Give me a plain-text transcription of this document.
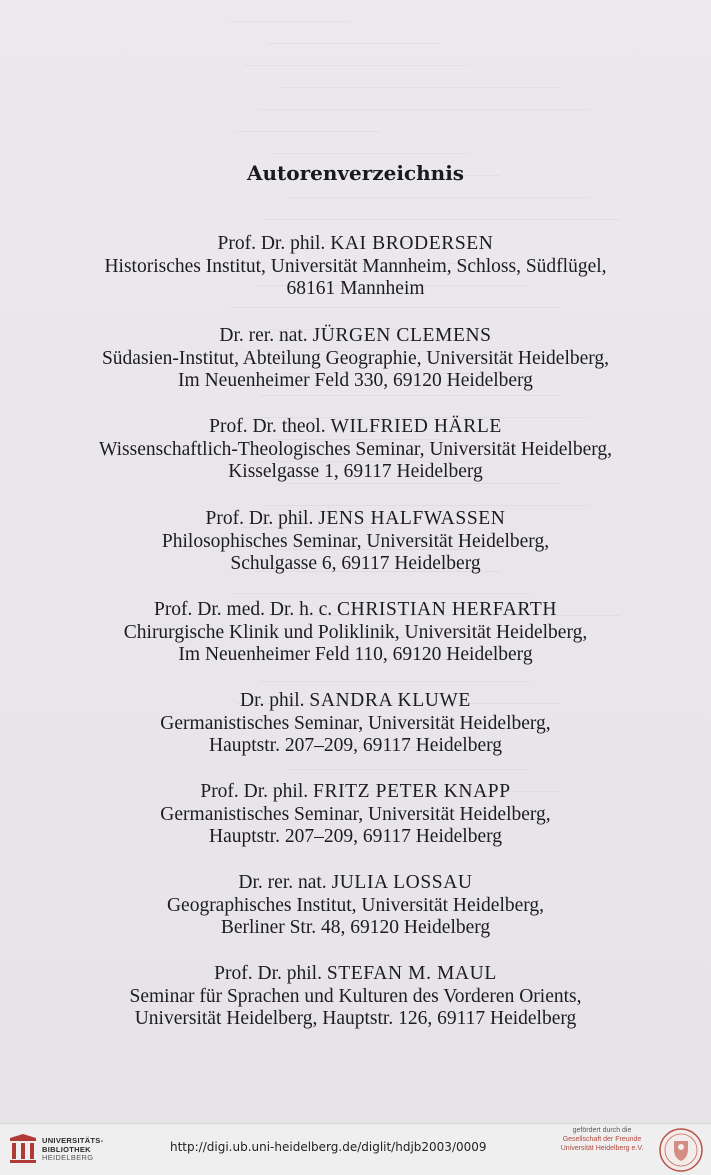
Autorenverzeichnis
Prof. Dr. phil. KAI BRODERSEN
Historisches Institut, Universität Mannheim, Schloss, Südflügel,
68161 Mannheim
Dr. rer. nat. JÜRGEN CLEMENS
Südasien-Institut, Abteilung Geographie, Universität Heidelberg,
Im Neuenheimer Feld 330, 69120 Heidelberg
Prof. Dr. theol. WILFRIED HÄRLE
Wissenschaftlich-Theologisches Seminar, Universität Heidelberg,
Kisselgasse 1, 69117 Heidelberg
Prof. Dr. phil. JENS HALFWASSEN
Philosophisches Seminar, Universität Heidelberg,
Schulgasse 6, 69117 Heidelberg
Prof. Dr. med. Dr. h. c. CHRISTIAN HERFARTH
Chirurgische Klinik und Poliklinik, Universität Heidelberg,
Im Neuenheimer Feld 110, 69120 Heidelberg
Dr. phil. SANDRA KLUWE
Germanistisches Seminar, Universität Heidelberg,
Hauptstr. 207–209, 69117 Heidelberg
Prof. Dr. phil. FRITZ PETER KNAPP
Germanistisches Seminar, Universität Heidelberg,
Hauptstr. 207–209, 69117 Heidelberg
Dr. rer. nat. JULIA LOSSAU
Geographisches Institut, Universität Heidelberg,
Berliner Str. 48, 69120 Heidelberg
Prof. Dr. phil. STEFAN M. MAUL
Seminar für Sprachen und Kulturen des Vorderen Orients,
Universität Heidelberg, Hauptstr. 126, 69117 Heidelberg
UNIVERSITÄTS-
BIBLIOTHEK
HEIDELBERG
http://digi.ub.uni-heidelberg.de/diglit/hdjb2003/0009
gefördert durch die
Gesellschaft der Freunde
Universität Heidelberg e.V.
